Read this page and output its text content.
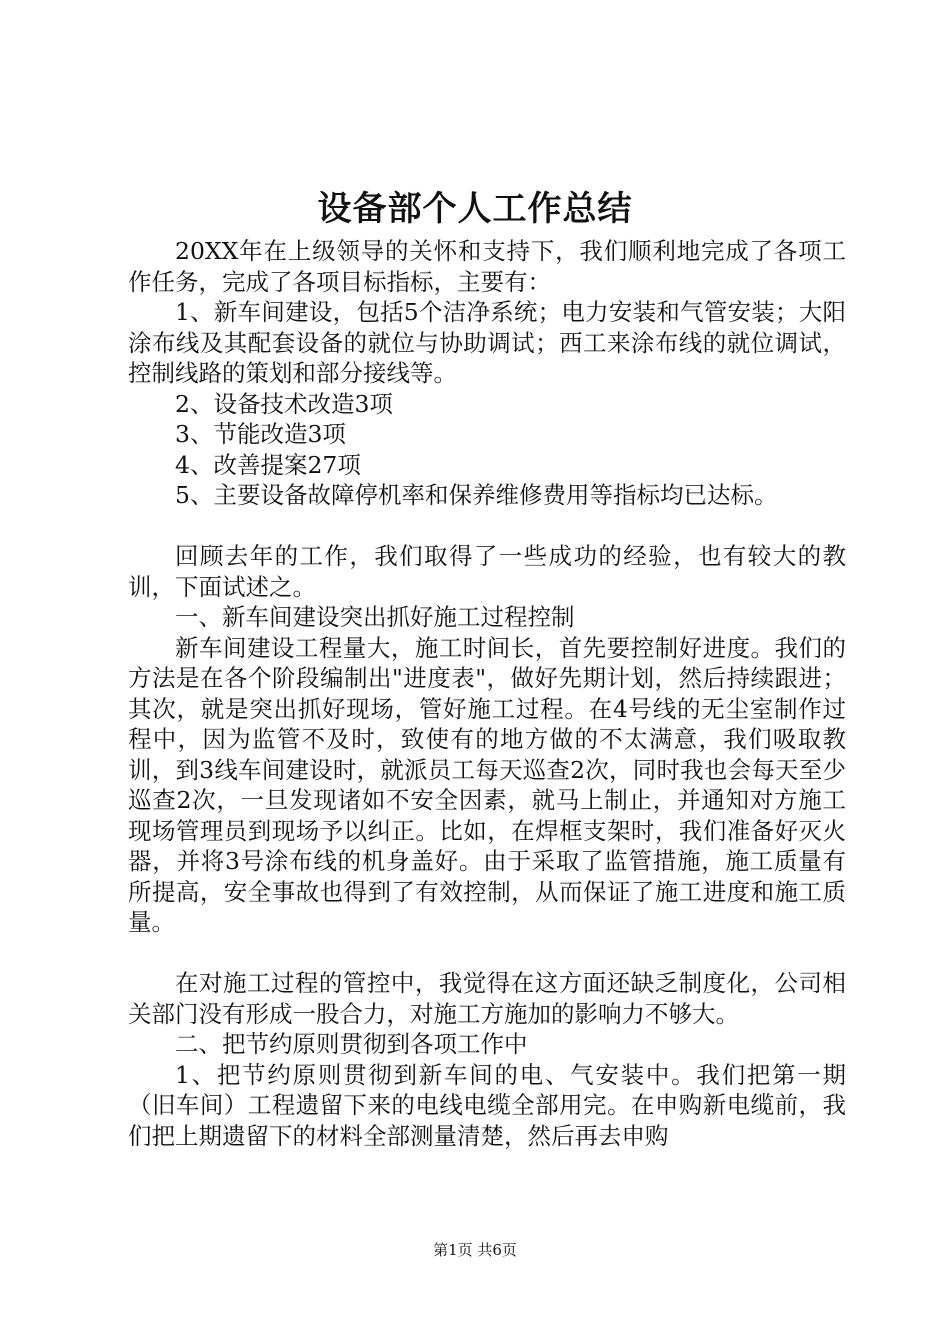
设备部个人工作总结

20XX年在上级领导的关怀和支持下，我们顺利地完成了各项工作任务，完成了各项目标指标，主要有：

1、新车间建设，包括5个洁净系统；电力安装和气管安装；大阳涂布线及其配套设备的就位与协助调试；西工来涂布线的就位调试，控制线路的策划和部分接线等。

2、设备技术改造3项

3、节能改造3项

4、改善提案27项

5、主要设备故障停机率和保养维修费用等指标均已达标。

回顾去年的工作，我们取得了一些成功的经验，也有较大的教训，下面试述之。

一、新车间建设突出抓好施工过程控制

新车间建设工程量大，施工时间长，首先要控制好进度。我们的方法是在各个阶段编制出"进度表"，做好先期计划，然后持续跟进；其次，就是突出抓好现场，管好施工过程。在4号线的无尘室制作过程中，因为监管不及时，致使有的地方做的不太满意，我们吸取教训，到3线车间建设时，就派员工每天巡查2次，同时我也会每天至少巡查2次，一旦发现诸如不安全因素，就马上制止，并通知对方施工现场管理员到现场予以纠正。比如，在焊框支架时，我们准备好灭火器，并将3号涂布线的机身盖好。由于采取了监管措施，施工质量有所提高，安全事故也得到了有效控制，从而保证了施工进度和施工质量。

在对施工过程的管控中，我觉得在这方面还缺乏制度化，公司相关部门没有形成一股合力，对施工方施加的影响力不够大。

二、把节约原则贯彻到各项工作中

1、把节约原则贯彻到新车间的电、气安装中。我们把第一期（旧车间）工程遗留下来的电线电缆全部用完。在申购新电缆前，我们把上期遗留下的材料全部测量清楚，然后再去申购

第1页 共6页
